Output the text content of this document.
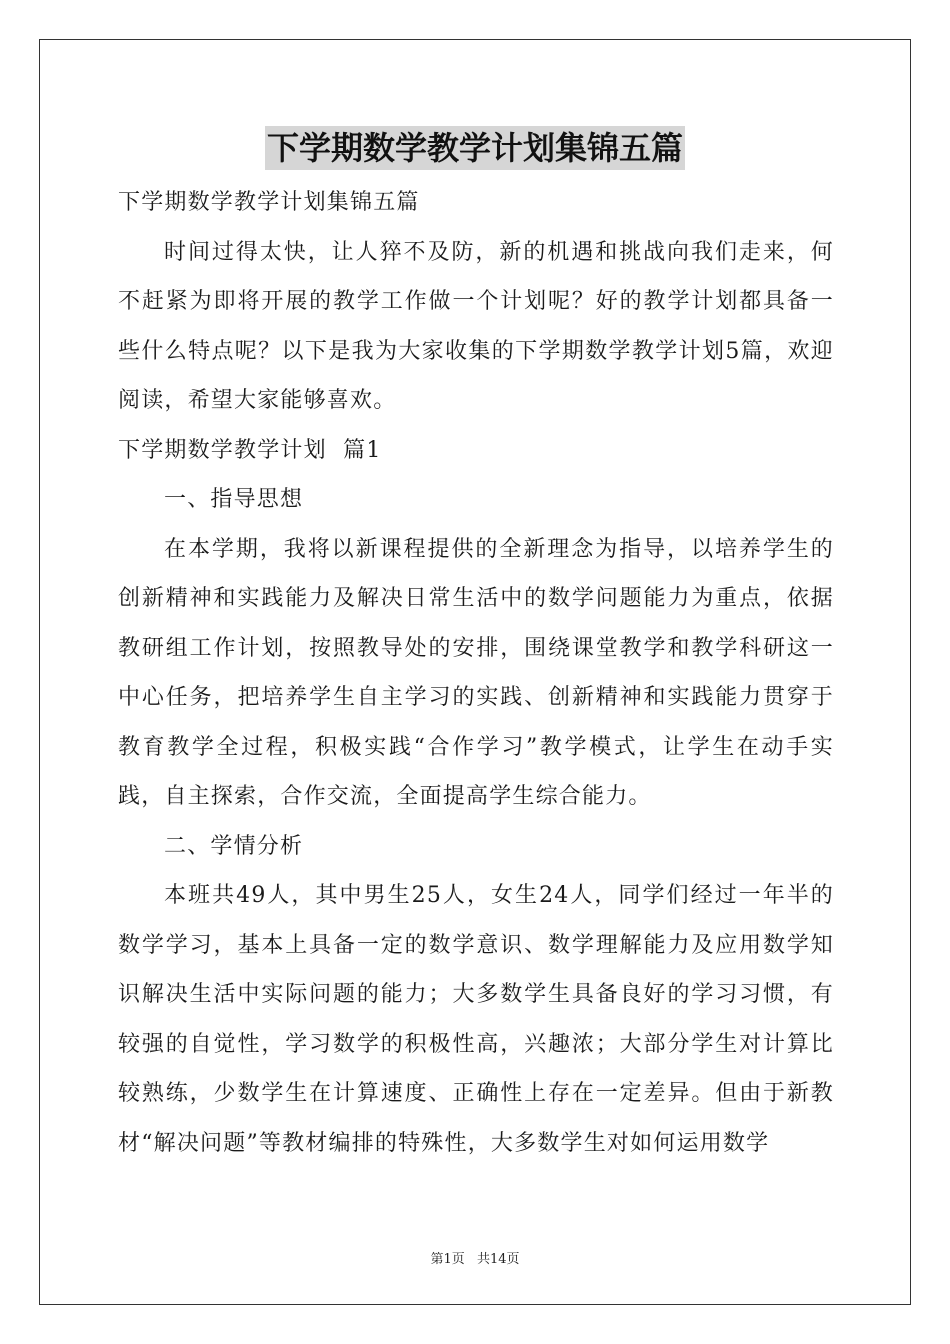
下学期数学教学计划集锦五篇

下学期数学教学计划集锦五篇

时间过得太快，让人猝不及防，新的机遇和挑战向我们走来，何不赶紧为即将开展的教学工作做一个计划呢？好的教学计划都具备一些什么特点呢？以下是我为大家收集的下学期数学教学计划5篇，欢迎阅读，希望大家能够喜欢。

下学期数学教学计划  篇1

一、指导思想

在本学期，我将以新课程提供的全新理念为指导，以培养学生的创新精神和实践能力及解决日常生活中的数学问题能力为重点，依据教研组工作计划，按照教导处的安排，围绕课堂教学和教学科研这一中心任务，把培养学生自主学习的实践、创新精神和实践能力贯穿于教育教学全过程，积极实践“合作学习”教学模式，让学生在动手实践，自主探索，合作交流，全面提高学生综合能力。

二、学情分析

本班共49人，其中男生25人，女生24人，同学们经过一年半的数学学习，基本上具备一定的数学意识、数学理解能力及应用数学知识解决生活中实际问题的能力；大多数学生具备良好的学习习惯，有较强的自觉性，学习数学的积极性高，兴趣浓；大部分学生对计算比较熟练，少数学生在计算速度、正确性上存在一定差异。但由于新教材“解决问题”等教材编排的特殊性，大多数学生对如何运用数学

第1页 共14页
